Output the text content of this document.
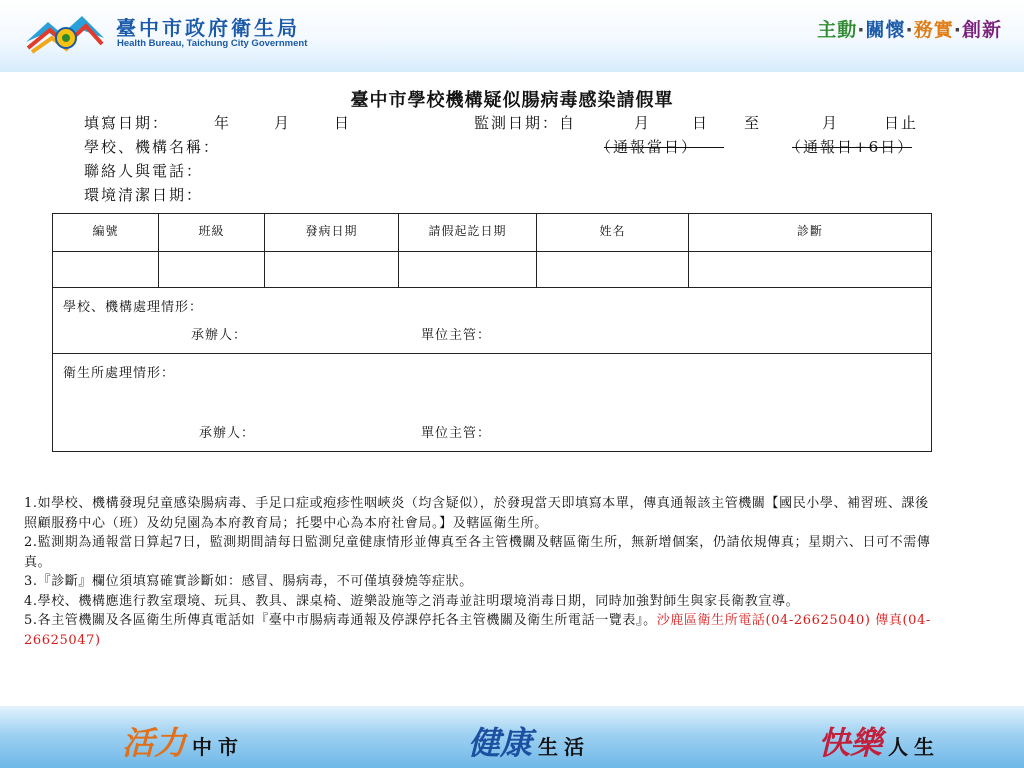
臺中市政府衛生局
Health Bureau, Taichung City Government
主動·關懷·務實·創新
臺中市學校機構疑似腸病毒感染請假單
填寫日期：	年	月	日	監測日期：自

	月	日 至

	月	日止
學校、機構名稱：	（通報當日）	（通報日+6日）
聯絡人與電話：
環境清潔日期：
編號	班級	發病日期	請假起訖日期	姓名	診斷

學校、機構處理情形：
承辦人： 單位主管：					

衛生所處理情形：
承辦人： 單位主管：					

1.如學校、機構發現兒童感染腸病毒、手足口症或疱疹性咽峽炎（均含疑似），於發現當天即填寫本單，傳真通報該主管機關【國民小學、補習班、課後照顧服務中心（班）及幼兒園為本府教育局；托嬰中心為本府社會局。】及轄區衛生所。

2.監測期為通報當日算起7日，監測期間請每日監測兒童健康情形並傳真至各主管機關及轄區衛生所，無新增個案，仍請依規傳真；星期六、日可不需傳真。

3.『診斷』欄位須填寫確實診斷如：感冒、腸病毒，不可僅填發燒等症狀。

4.學校、機構應進行教室環境、玩具、教具、課桌椅、遊樂設施等之消毒並註明環境消毒日期，同時加強對師生與家長衛教宣導。

5.各主管機關及各區衛生所傳真電話如『臺中市腸病毒通報及停課停托各主管機關及衛生所電話一覽表』。沙鹿區衛生所電話(04-26625040) 傳真(04-26625047)

活力 中市	健康 生活	快樂 人生
